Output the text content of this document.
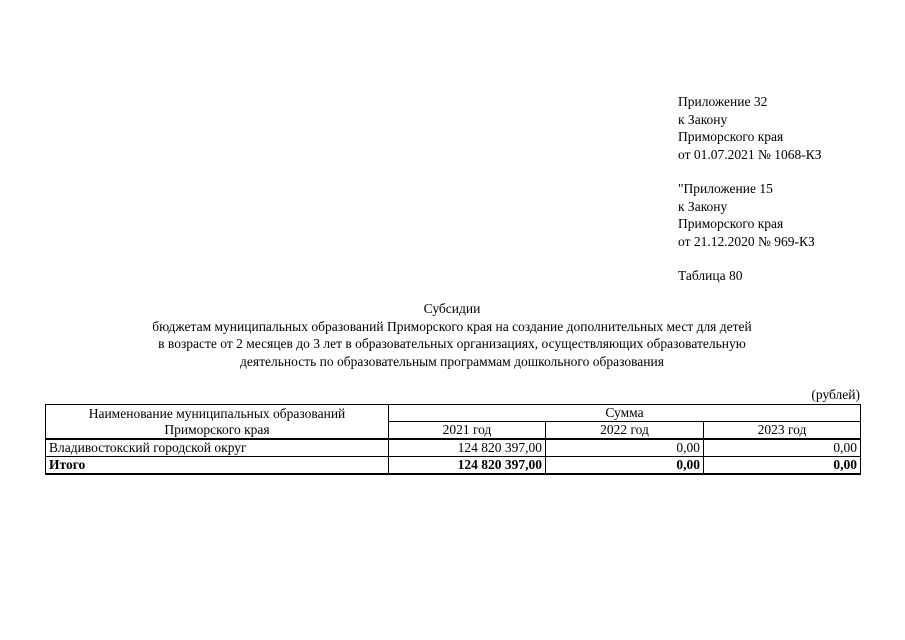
Приложение 32
к Закону
Приморского края
от 01.07.2021 № 1068-КЗ
"Приложение 15
к Закону
Приморского края
от 21.12.2020 № 969-КЗ
Таблица 80
Субсидии
бюджетам муниципальных образований Приморского края на создание дополнительных мест для детей
в возрасте от 2 месяцев до 3 лет в образовательных организациях, осуществляющих образовательную
деятельность по образовательным программам дошкольного образования
(рублей)
Наименование муниципальных образований
Приморского края	Сумма		
	2021 год	2022 год	2023 год
Владивостокский городской округ	124 820 397,00	0,00	0,00
Итого	124 820 397,00	0,00	0,00
